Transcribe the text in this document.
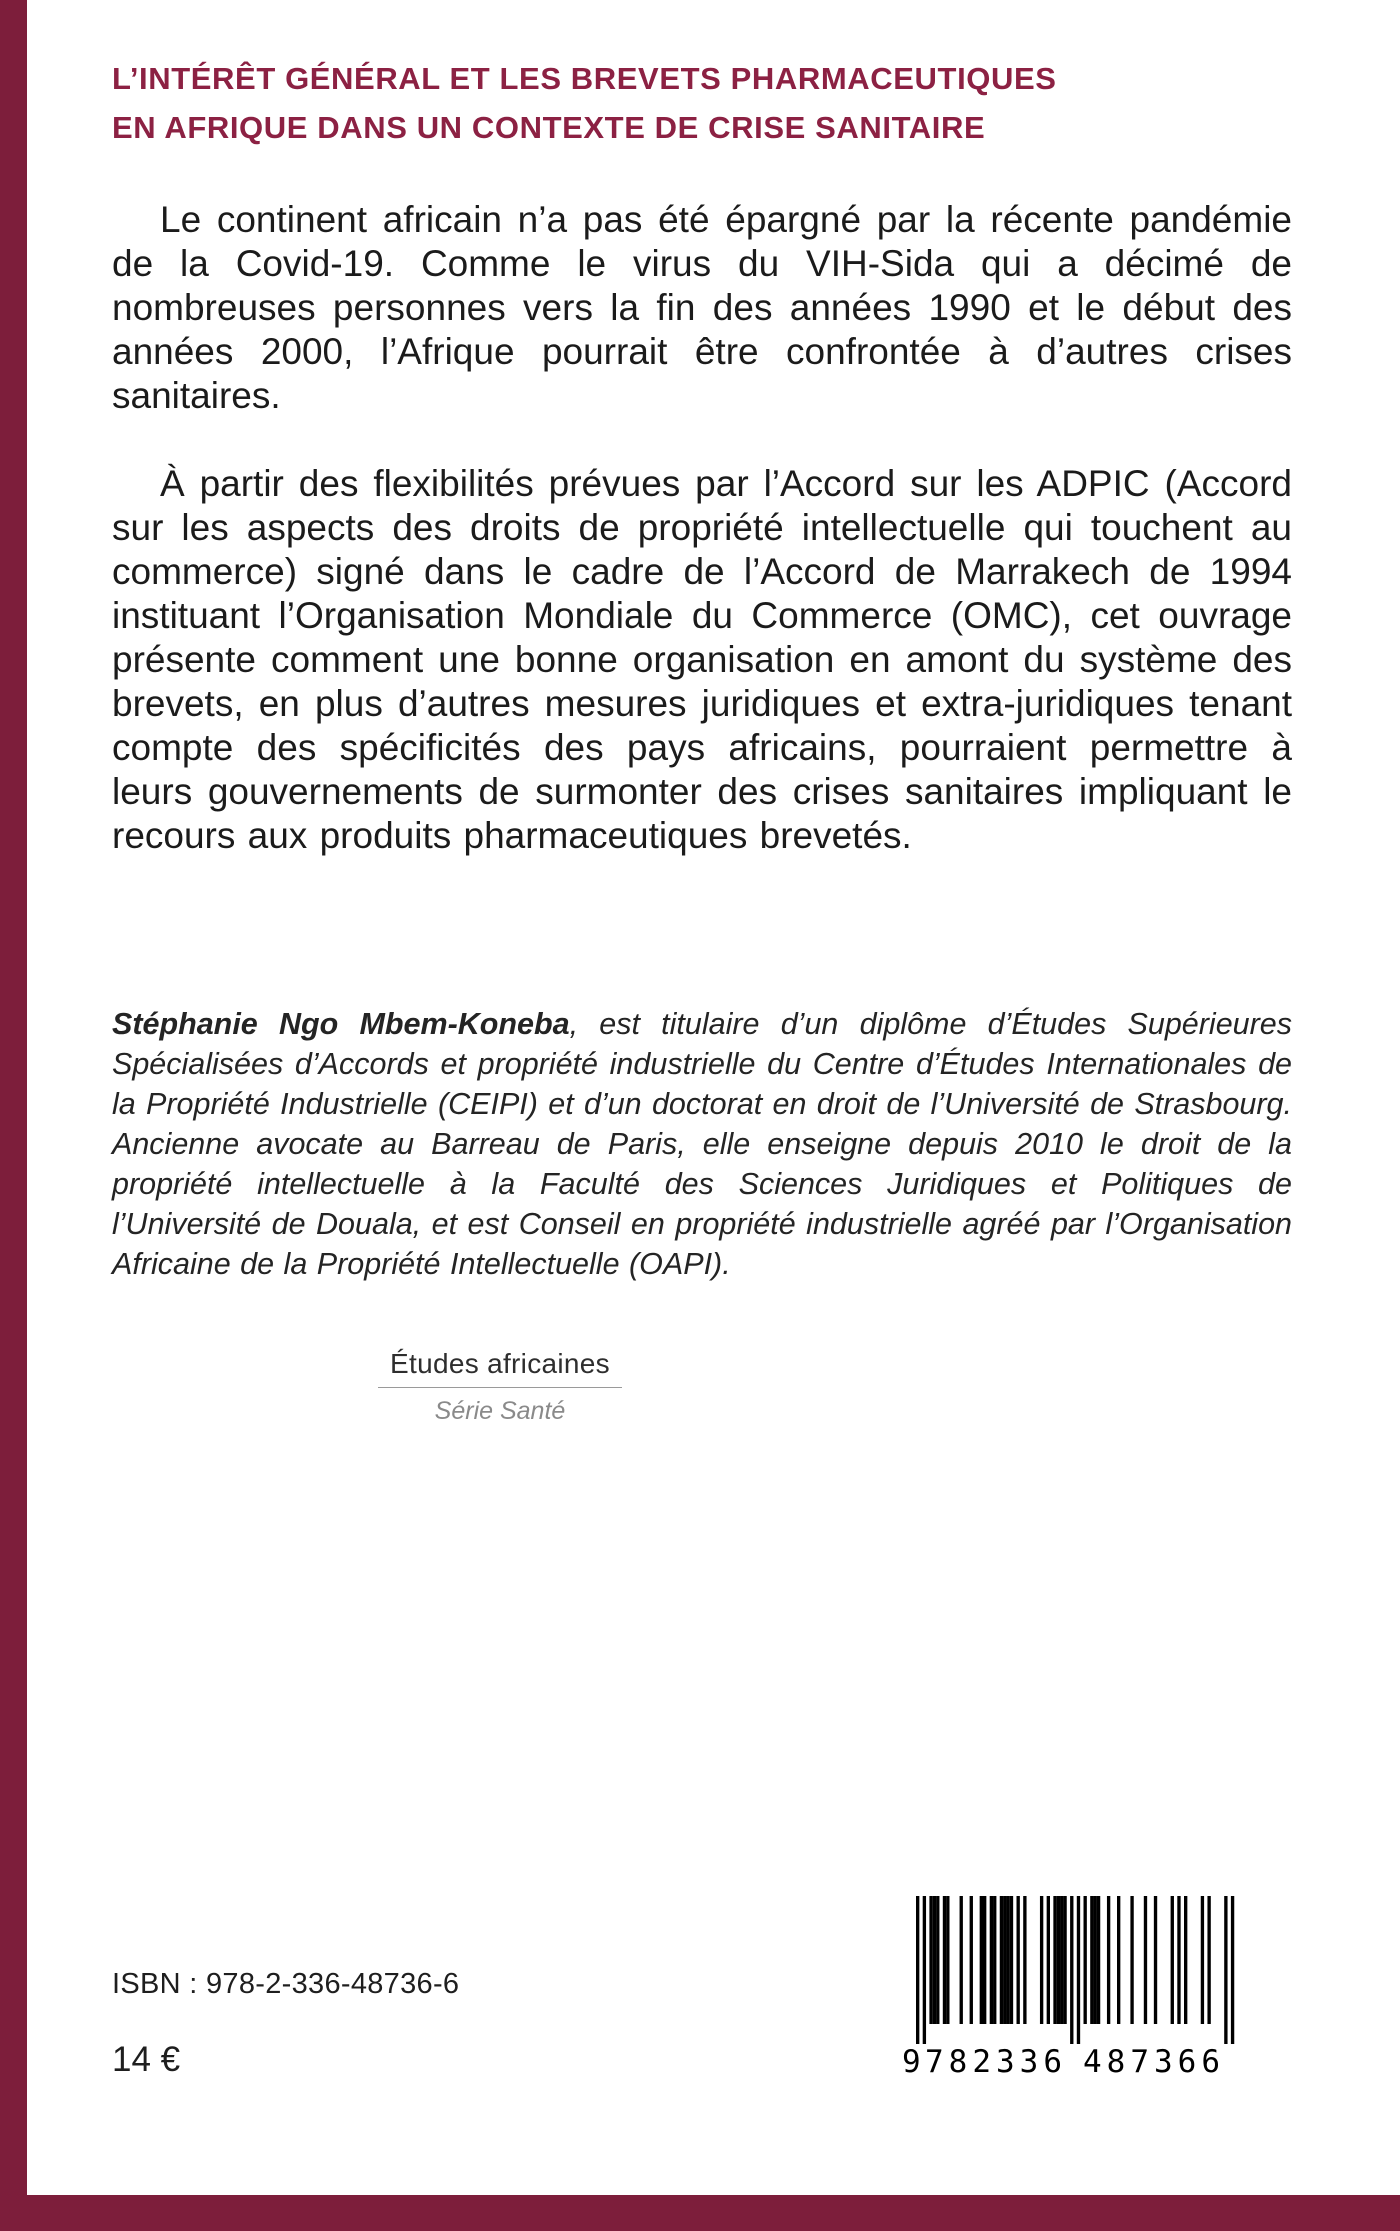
L’INTÉRÊT GÉNÉRAL ET LES BREVETS PHARMACEUTIQUES
EN AFRIQUE DANS UN CONTEXTE DE CRISE SANITAIRE

Le continent africain n’a pas été épargné par la récente pandémie de la Covid-19. Comme le virus du VIH-Sida qui a décimé de nombreuses personnes vers la fin des années 1990 et le début des années 2000, l’Afrique pourrait être confrontée à d’autres crises sanitaires.

À partir des flexibilités prévues par l’Accord sur les ADPIC (Accord sur les aspects des droits de propriété intellectuelle qui touchent au commerce) signé dans le cadre de l’Accord de Marrakech de 1994 instituant l’Organisation Mondiale du Commerce (OMC), cet ouvrage présente comment une bonne organisation en amont du système des brevets, en plus d’autres mesures juridiques et extra-juridiques tenant compte des spécificités des pays africains, pourraient permettre à leurs gouvernements de surmonter des crises sanitaires impliquant le recours aux produits pharmaceutiques brevetés.

Stéphanie Ngo Mbem-Koneba, est titulaire d’un diplôme d’Études Supérieures Spécialisées d’Accords et propriété industrielle du Centre d’Études Internationales de la Propriété Industrielle (CEIPI) et d’un doctorat en droit de l’Université de Strasbourg. Ancienne avocate au Barreau de Paris, elle enseigne depuis 2010 le droit de la propriété intellectuelle à la Faculté des Sciences Juridiques et Politiques de l’Université de Douala, et est Conseil en propriété industrielle agréé par l’Organisation Africaine de la Propriété Intellectuelle (OAPI).

Études africaines
Série Santé
ISBN : 978-2-336-48736-6
14 €	9 782336 487366
